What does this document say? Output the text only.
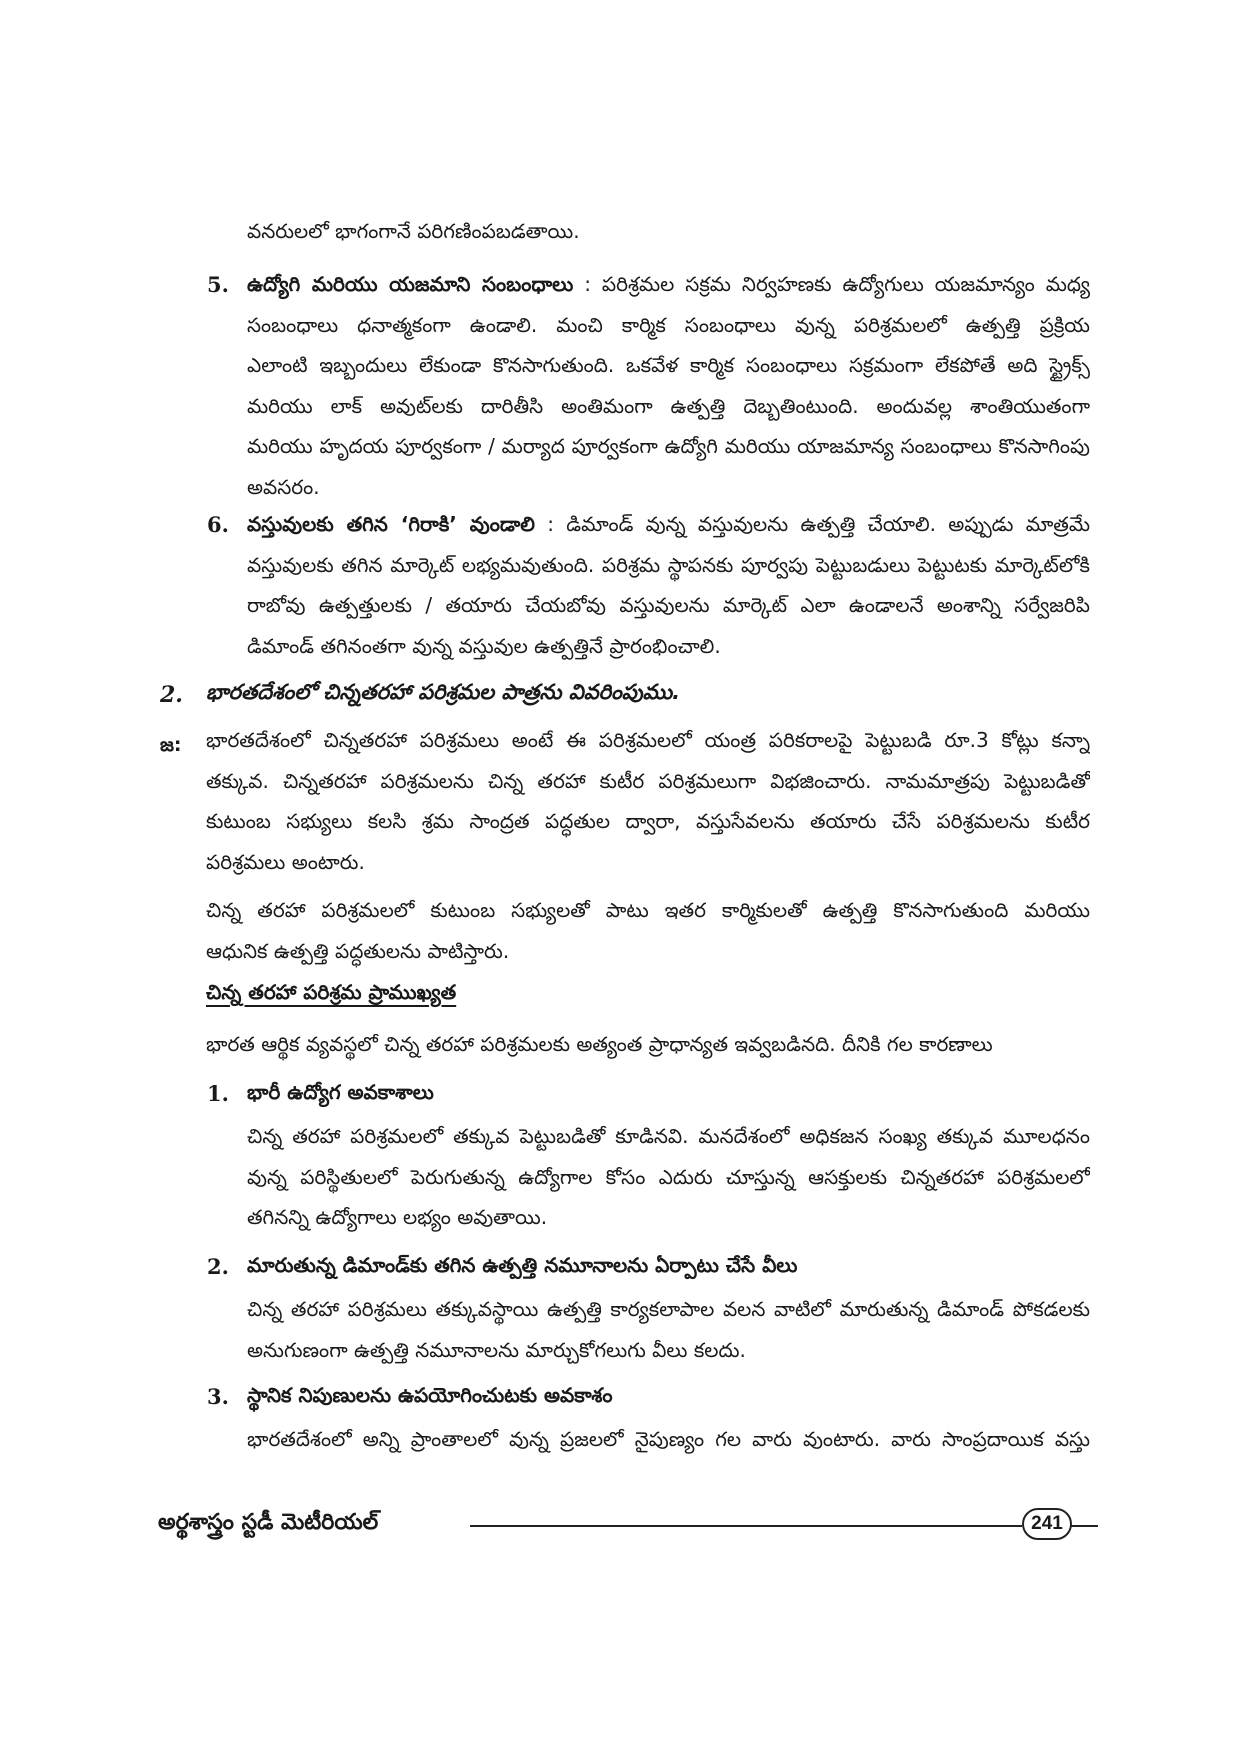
వనరులలో భాగంగానే పరిగణింపబడతాయి.
5. ఉద్యోగి మరియు యజమాని సంబంధాలు : పరిశ్రమల సక్రమ నిర్వహణకు ఉద్యోగులు యజమాన్యం మధ్య
సంబంధాలు ధనాత్మకంగా ఉండాలి. మంచి కార్మిక సంబంధాలు వున్న పరిశ్రమలలో ఉత్పత్తి ప్రక్రియ
ఎలాంటి ఇబ్బందులు లేకుండా కొనసాగుతుంది. ఒకవేళ కార్మిక సంబంధాలు సక్రమంగా లేకపోతే అది స్ట్రైక్స్
మరియు లాక్ అవుట్‌లకు దారితీసి అంతిమంగా ఉత్పత్తి దెబ్బతింటుంది. అందువల్ల శాంతియుతంగా
మరియు హృదయ పూర్వకంగా / మర్యాద పూర్వకంగా ఉద్యోగి మరియు యాజమాన్య సంబంధాలు కొనసాగింపు
అవసరం.
6. వస్తువులకు తగిన ‘గిరాకి’ వుండాలి : డిమాండ్ వున్న వస్తువులను ఉత్పత్తి చేయాలి. అప్పుడు మాత్రమే
వస్తువులకు తగిన మార్కెట్ లభ్యమవుతుంది. పరిశ్రమ స్థాపనకు పూర్వపు పెట్టుబడులు పెట్టుటకు మార్కెట్‌లోకి
రాబోవు ఉత్పత్తులకు / తయారు చేయబోవు వస్తువులను మార్కెట్ ఎలా ఉండాలనే అంశాన్ని సర్వేజరిపి
డిమాండ్ తగినంతగా వున్న వస్తువుల ఉత్పత్తినే ప్రారంభించాలి.
2. భారతదేశంలో చిన్నతరహా పరిశ్రమల పాత్రను వివరింపుము.
జ: భారతదేశంలో చిన్నతరహా పరిశ్రమలు అంటే ఈ పరిశ్రమలలో యంత్ర పరికరాలపై పెట్టుబడి రూ.3 కోట్లు కన్నా
తక్కువ. చిన్నతరహా పరిశ్రమలను చిన్న తరహా కుటీర పరిశ్రమలుగా విభజించారు. నామమాత్రపు పెట్టుబడితో
కుటుంబ సభ్యులు కలసి శ్రమ సాంద్రత పద్ధతుల ద్వారా, వస్తుసేవలను తయారు చేసే పరిశ్రమలను కుటీర
పరిశ్రమలు అంటారు.
చిన్న తరహా పరిశ్రమలలో కుటుంబ సభ్యులతో పాటు ఇతర కార్మికులతో ఉత్పత్తి కొనసాగుతుంది మరియు
ఆధునిక ఉత్పత్తి పద్ధతులను పాటిస్తారు.
చిన్న తరహా పరిశ్రమ ప్రాముఖ్యత
భారత ఆర్థిక వ్యవస్థలో చిన్న తరహా పరిశ్రమలకు అత్యంత ప్రాధాన్యత ఇవ్వబడినది. దీనికి గల కారణాలు
1. భారీ ఉద్యోగ అవకాశాలు
చిన్న తరహా పరిశ్రమలలో తక్కువ పెట్టుబడితో కూడినవి. మనదేశంలో అధికజన సంఖ్య తక్కువ మూలధనం
వున్న పరిస్థితులలో పెరుగుతున్న ఉద్యోగాల కోసం ఎదురు చూస్తున్న ఆసక్తులకు చిన్నతరహా పరిశ్రమలలో
తగినన్ని ఉద్యోగాలు లభ్యం అవుతాయి.
2. మారుతున్న డిమాండ్‌కు తగిన ఉత్పత్తి నమూనాలను ఏర్పాటు చేసే వీలు
చిన్న తరహా పరిశ్రమలు తక్కువస్థాయి ఉత్పత్తి కార్యకలాపాల వలన వాటిలో మారుతున్న డిమాండ్ పోకడలకు
అనుగుణంగా ఉత్పత్తి నమూనాలను మార్చుకోగలుగు వీలు కలదు.
3. స్థానిక నిపుణులను ఉపయోగించుటకు అవకాశం
భారతదేశంలో అన్ని ప్రాంతాలలో వున్న ప్రజలలో నైపుణ్యం గల వారు వుంటారు. వారు సాంప్రదాయిక వస్తు
అర్థశాస్త్రం స్టడీ మెటీరియల్	241
